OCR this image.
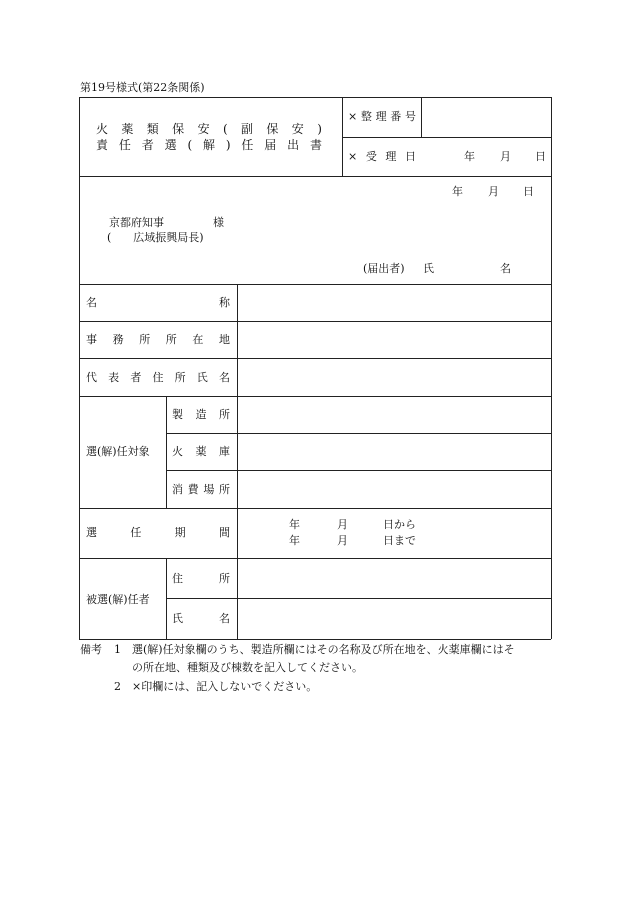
第19号様式(第22条関係)
火 薬 類 保 安 ( 副 保 安 )
責 任 者 選 ( 解 ) 任 届 出 書
× 整 理 番 号
× 受 理 日	年 月 日
年 月 日
京都府知事	様
(　　広域振興局長)
(届出者) 氏	名
名	称
事 務 所 所 在 地
代 表 者 住 所 氏 名
選(解)任対象
製 造 所
火 薬 庫
消 費 場 所
選	任	期	間
年	月	日から
年	月	日まで
被選(解)任者
住	所
氏	名
備考 1 選(解)任対象欄のうち、製造所欄にはその名称及び所在地を、火薬庫欄にはそ
の所在地、種類及び棟数を記入してください。
2 ×印欄には、記入しないでください。
